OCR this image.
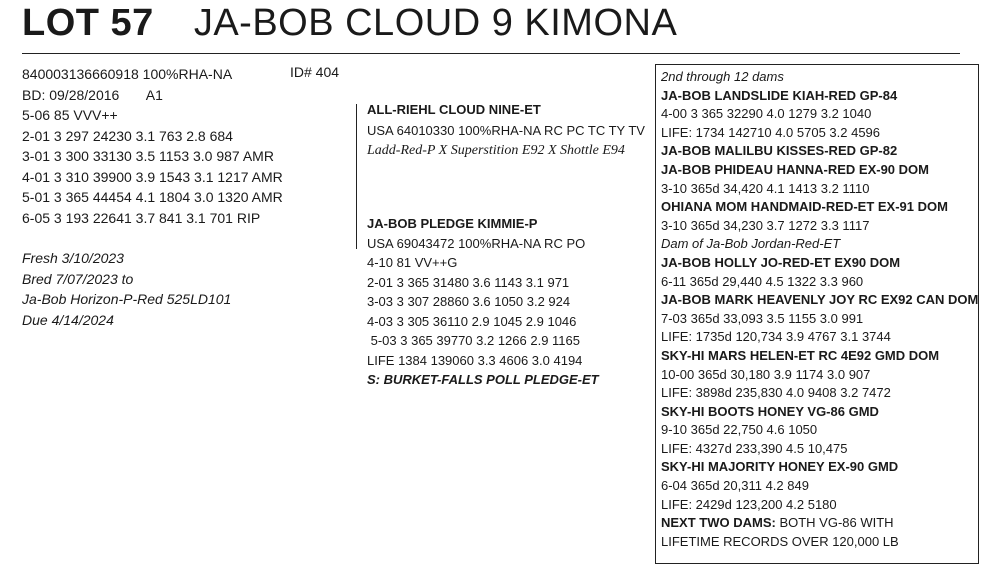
LOT 57 JA-BOB CLOUD 9 KIMONA
840003136660918 100%RHA-NA
BD: 09/28/2016       A1
5-06 85 VVV++
2-01 3 297 24230 3.1 763 2.8 684
3-01 3 300 33130 3.5 1153 3.0 987 AMR
4-01 3 310 39900 3.9 1543 3.1 1217 AMR
5-01 3 365 44454 4.1 1804 3.0 1320 AMR
6-05 3 193 22641 3.7 841 3.1 701 RIP
Fresh 3/10/2023
Bred 7/07/2023 to
Ja-Bob Horizon-P-Red 525LD101
Due 4/14/2024
ID# 404
ALL-RIEHL CLOUD NINE-ET
USA 64010330 100%RHA-NA RC PC TC TY TV
Ladd-Red-P X Superstition E92 X Shottle E94
JA-BOB PLEDGE KIMMIE-P
USA 69043472 100%RHA-NA RC PO
4-10 81 VV++G
2-01 3 365 31480 3.6 1143 3.1 971
3-03 3 307 28860 3.6 1050 3.2 924
4-03 3 305 36110 2.9 1045 2.9 1046
5-03 3 365 39770 3.2 1266 2.9 1165
LIFE 1384 139060 3.3 4606 3.0 4194
S: BURKET-FALLS POLL PLEDGE-ET
2nd through 12 dams
JA-BOB LANDSLIDE KIAH-RED GP-84
4-00 3 365 32290 4.0 1279 3.2 1040
LIFE: 1734 142710 4.0 5705 3.2 4596
JA-BOB MALILBU KISSES-RED GP-82
JA-BOB PHIDEAU HANNA-RED EX-90 DOM
3-10 365d 34,420 4.1 1413 3.2 1110
OHIANA MOM HANDMAID-RED-ET EX-91 DOM
3-10 365d 34,230 3.7 1272 3.3 1117
Dam of Ja-Bob Jordan-Red-ET
JA-BOB HOLLY JO-RED-ET EX90 DOM
6-11 365d 29,440 4.5 1322 3.3 960
JA-BOB MARK HEAVENLY JOY RC EX92 CAN DOM
7-03 365d 33,093 3.5 1155 3.0 991
LIFE: 1735d 120,734 3.9 4767 3.1 3744
SKY-HI MARS HELEN-ET RC 4E92 GMD DOM
10-00 365d 30,180 3.9 1174 3.0 907
LIFE: 3898d 235,830 4.0 9408 3.2 7472
SKY-HI BOOTS HONEY VG-86 GMD
9-10 365d 22,750 4.6 1050
LIFE: 4327d 233,390 4.5 10,475
SKY-HI MAJORITY HONEY EX-90 GMD
6-04 365d 20,311 4.2 849
LIFE: 2429d 123,200 4.2 5180
NEXT TWO DAMS: BOTH VG-86 WITH
LIFETIME RECORDS OVER 120,000 LB
